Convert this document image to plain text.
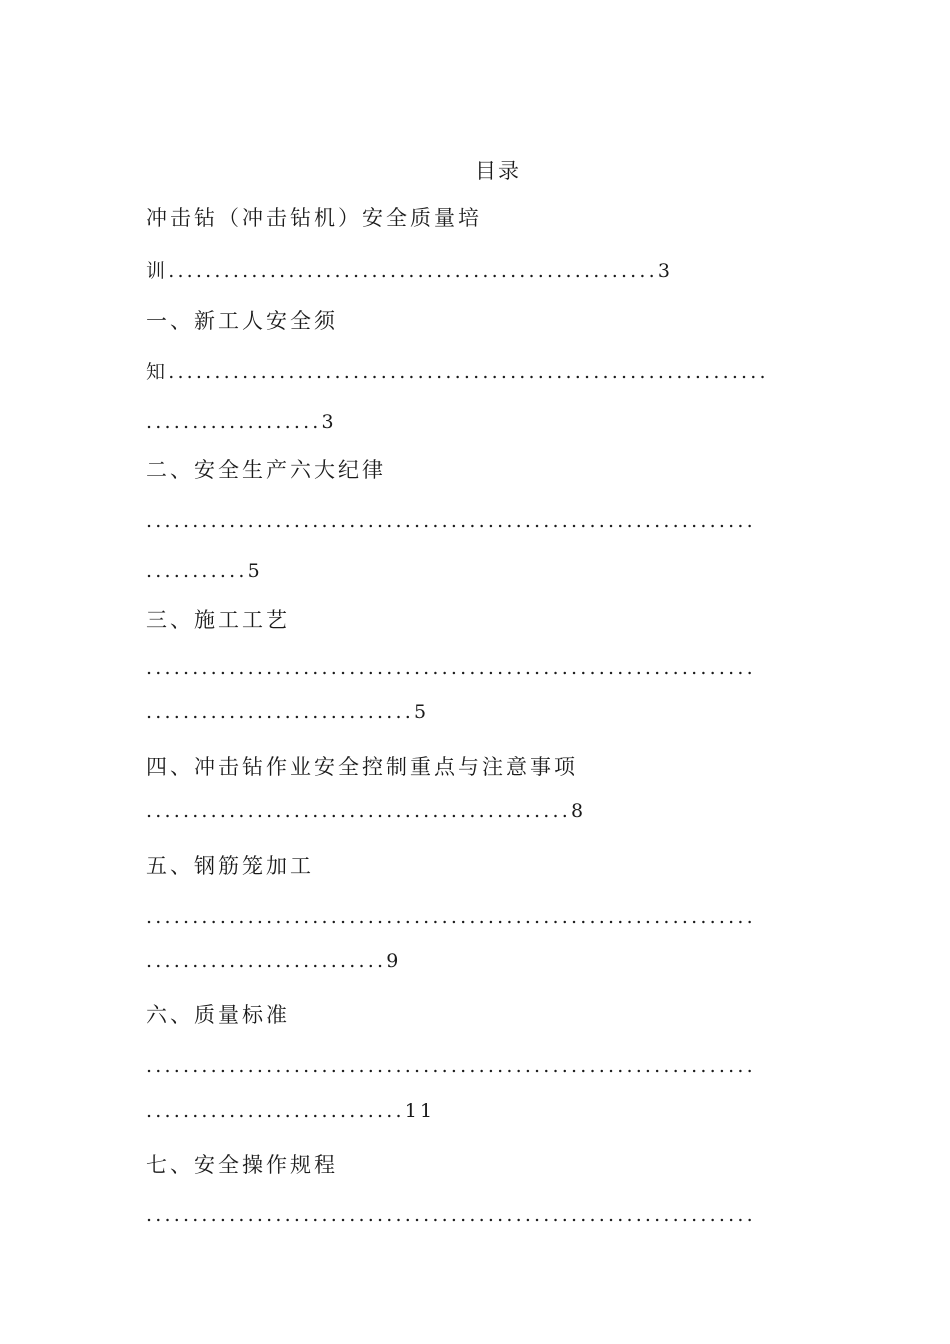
目录
冲击钻（冲击钻机）安全质量培
训.....................................................3
一、新工人安全须
知.................................................................
...................3
二、安全生产六大纪律
..................................................................
...........5
三、施工工艺
..................................................................
.............................5
四、冲击钻作业安全控制重点与注意事项
..............................................8
五、钢筋笼加工
..................................................................
..........................9
六、质量标准
..................................................................
............................11
七、安全操作规程
..................................................................
